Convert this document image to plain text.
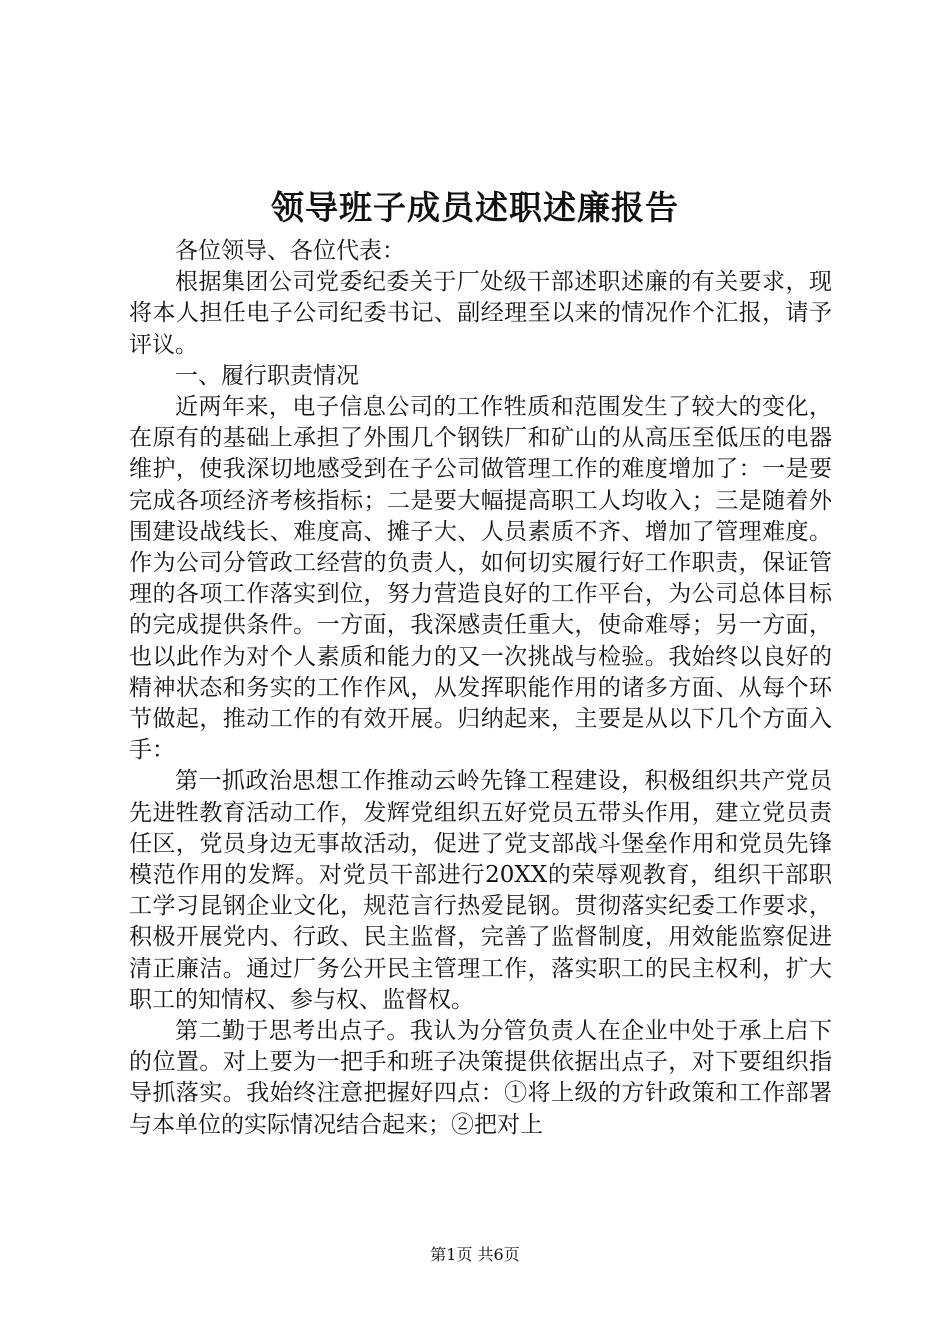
领导班子成员述职述廉报告

各位领导、各位代表：

根据集团公司党委纪委关于厂处级干部述职述廉的有关要求，现将本人担任电子公司纪委书记、副经理至以来的情况作个汇报，请予评议。

一、履行职责情况

近两年来，电子信息公司的工作牲质和范围发生了较大的变化，在原有的基础上承担了外围几个钢铁厂和矿山的从高压至低压的电器维护，使我深切地感受到在子公司做管理工作的难度增加了：一是要完成各项经济考核指标；二是要大幅提高职工人均收入；三是随着外围建设战线长、难度高、摊子大、人员素质不齐、增加了管理难度。作为公司分管政工经营的负责人，如何切实履行好工作职责，保证管理的各项工作落实到位，努力营造良好的工作平台，为公司总体目标的完成提供条件。一方面，我深感责任重大，使命难辱；另一方面，也以此作为对个人素质和能力的又一次挑战与检验。我始终以良好的精神状态和务实的工作作风，从发挥职能作用的诸多方面、从每个环节做起，推动工作的有效开展。归纳起来，主要是从以下几个方面入手：

第一抓政治思想工作推动云岭先锋工程建设，积极组织共产党员先进牲教育活动工作，发辉党组织五好党员五带头作用，建立党员责任区，党员身边无事故活动，促进了党支部战斗堡垒作用和党员先锋模范作用的发辉。对党员干部进行20XX的荣辱观教育，组织干部职工学习昆钢企业文化，规范言行热爱昆钢。贯彻落实纪委工作要求，积极开展党内、行政、民主监督，完善了监督制度，用效能监察促进清正廉洁。通过厂务公开民主管理工作，落实职工的民主权利，扩大职工的知情权、参与权、监督权。

第二勤于思考出点子。我认为分管负责人在企业中处于承上启下的位置。对上要为一把手和班子决策提供依据出点子，对下要组织指导抓落实。我始终注意把握好四点：①将上级的方针政策和工作部署与本单位的实际情况结合起来；②把对上

第1页 共6页
